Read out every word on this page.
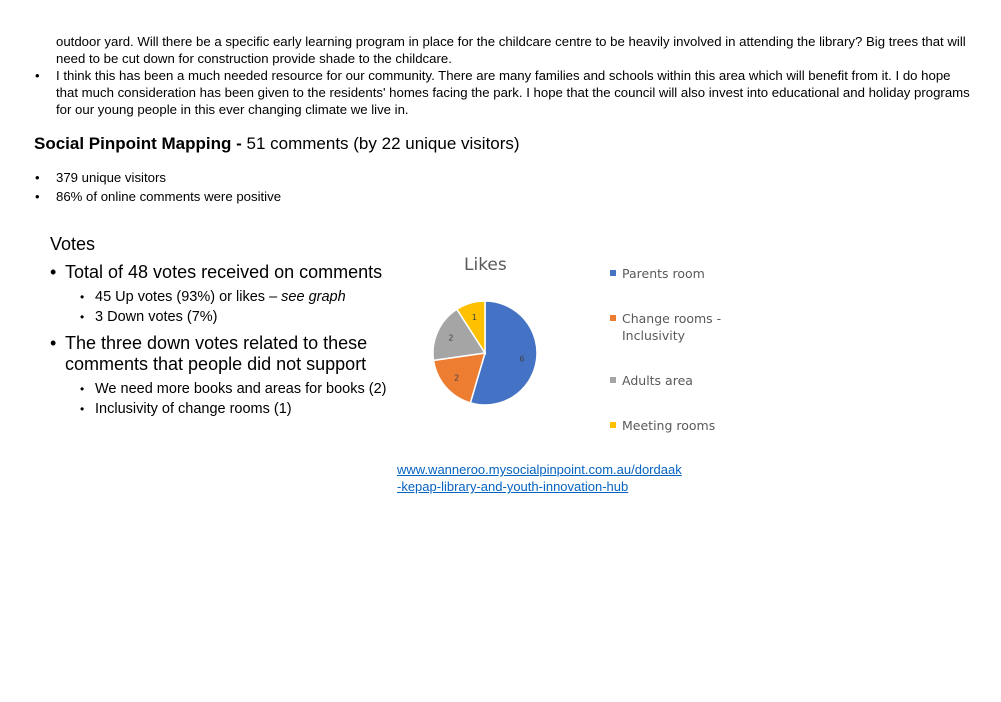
outdoor yard. Will there be a specific early learning program in place for the childcare centre to be heavily involved in attending the library? Big trees that will need to be cut down for construction provide shade to the childcare.
• I think this has been a much needed resource for our community. There are many families and schools within this area which will benefit from it. I do hope that much consideration has been given to the residents' homes facing the park. I hope that the council will also invest into educational and holiday programs for our young people in this ever changing climate we live in.
Social Pinpoint Mapping - 51 comments (by 22 unique visitors)
• 379 unique visitors
• 86% of online comments were positive
Votes
• Total of 48 votes received on comments
• 45 Up votes (93%) or likes – see graph
• 3 Down votes (7%)
• The three down votes related to these comments that people did not support
• We need more books and areas for books (2)
• Inclusivity of change rooms (1)
Likes
6
2
2
1
Parents room
Change rooms - Inclusivity
Adults area
Meeting rooms
www.wanneroo.mysocialpinpoint.com.au/dordaak
-kepap-library-and-youth-innovation-hub
